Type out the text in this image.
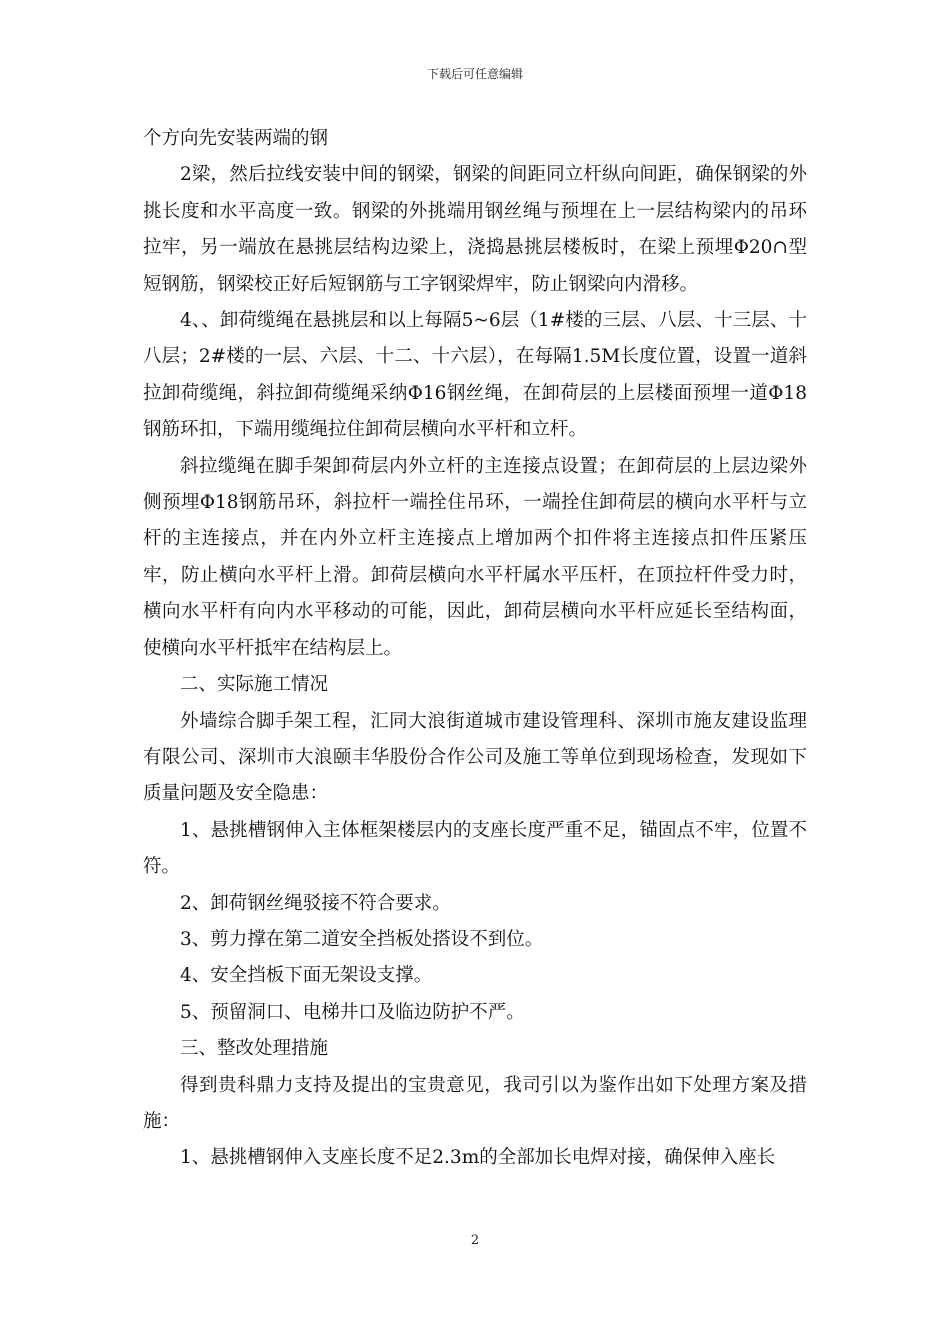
下载后可任意编辑

个方向先安装两端的钢

2梁，然后拉线安装中间的钢梁，钢梁的间距同立杆纵向间距，确保钢梁的外挑长度和水平高度一致。钢梁的外挑端用钢丝绳与预埋在上一层结构梁内的吊环拉牢，另一端放在悬挑层结构边梁上，浇捣悬挑层楼板时，在梁上预埋Φ20∩型短钢筋，钢梁校正好后短钢筋与工字钢梁焊牢，防止钢梁向内滑移。

4、、卸荷缆绳在悬挑层和以上每隔5~6层（1#楼的三层、八层、十三层、十八层；2#楼的一层、六层、十二、十六层），在每隔1.5M长度位置，设置一道斜拉卸荷缆绳，斜拉卸荷缆绳采纳Φ16钢丝绳，在卸荷层的上层楼面预埋一道Φ18钢筋环扣，下端用缆绳拉住卸荷层横向水平杆和立杆。

斜拉缆绳在脚手架卸荷层内外立杆的主连接点设置；在卸荷层的上层边梁外侧预埋Φ18钢筋吊环，斜拉杆一端拴住吊环，一端拴住卸荷层的横向水平杆与立杆的主连接点，并在内外立杆主连接点上增加两个扣件将主连接点扣件压紧压牢，防止横向水平杆上滑。卸荷层横向水平杆属水平压杆，在顶拉杆件受力时，横向水平杆有向内水平移动的可能，因此，卸荷层横向水平杆应延长至结构面，使横向水平杆抵牢在结构层上。

二、实际施工情况

外墙综合脚手架工程，汇同大浪街道城市建设管理科、深圳市施友建设监理有限公司、深圳市大浪颐丰华股份合作公司及施工等单位到现场检查，发现如下质量问题及安全隐患：

1、悬挑槽钢伸入主体框架楼层内的支座长度严重不足，锚固点不牢，位置不符。

2、卸荷钢丝绳驳接不符合要求。

3、剪力撑在第二道安全挡板处搭设不到位。

4、安全挡板下面无架设支撑。

5、预留洞口、电梯井口及临边防护不严。

三、整改处理措施

得到贵科鼎力支持及提出的宝贵意见，我司引以为鉴作出如下处理方案及措施：

1、悬挑槽钢伸入支座长度不足2.3m的全部加长电焊对接，确保伸入座长

2
